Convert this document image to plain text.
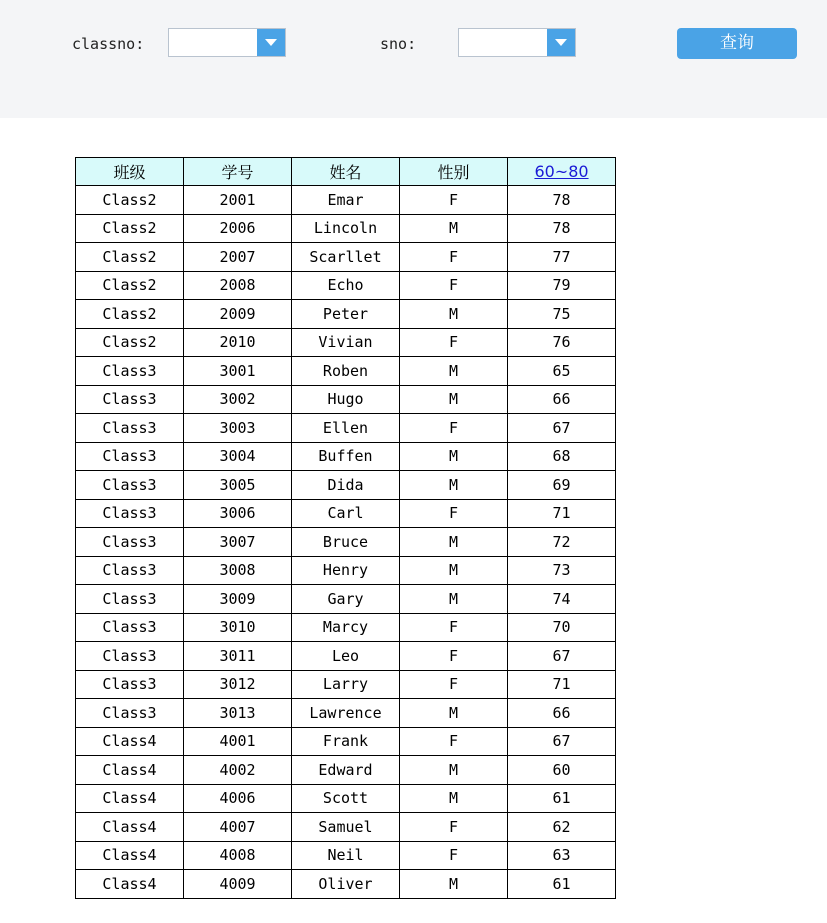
classno:	sno:	查询
班级	学号	姓名	性别	60~80
Class2	2001	Emar	F	78
Class2	2006	Lincoln	M	78
Class2	2007	Scarllet	F	77
Class2	2008	Echo	F	79
Class2	2009	Peter	M	75
Class2	2010	Vivian	F	76
Class3	3001	Roben	M	65
Class3	3002	Hugo	M	66
Class3	3003	Ellen	F	67
Class3	3004	Buffen	M	68
Class3	3005	Dida	M	69
Class3	3006	Carl	F	71
Class3	3007	Bruce	M	72
Class3	3008	Henry	M	73
Class3	3009	Gary	M	74
Class3	3010	Marcy	F	70
Class3	3011	Leo	F	67
Class3	3012	Larry	F	71
Class3	3013	Lawrence	M	66
Class4	4001	Frank	F	67
Class4	4002	Edward	M	60
Class4	4006	Scott	M	61
Class4	4007	Samuel	F	62
Class4	4008	Neil	F	63
Class4	4009	Oliver	M	61
